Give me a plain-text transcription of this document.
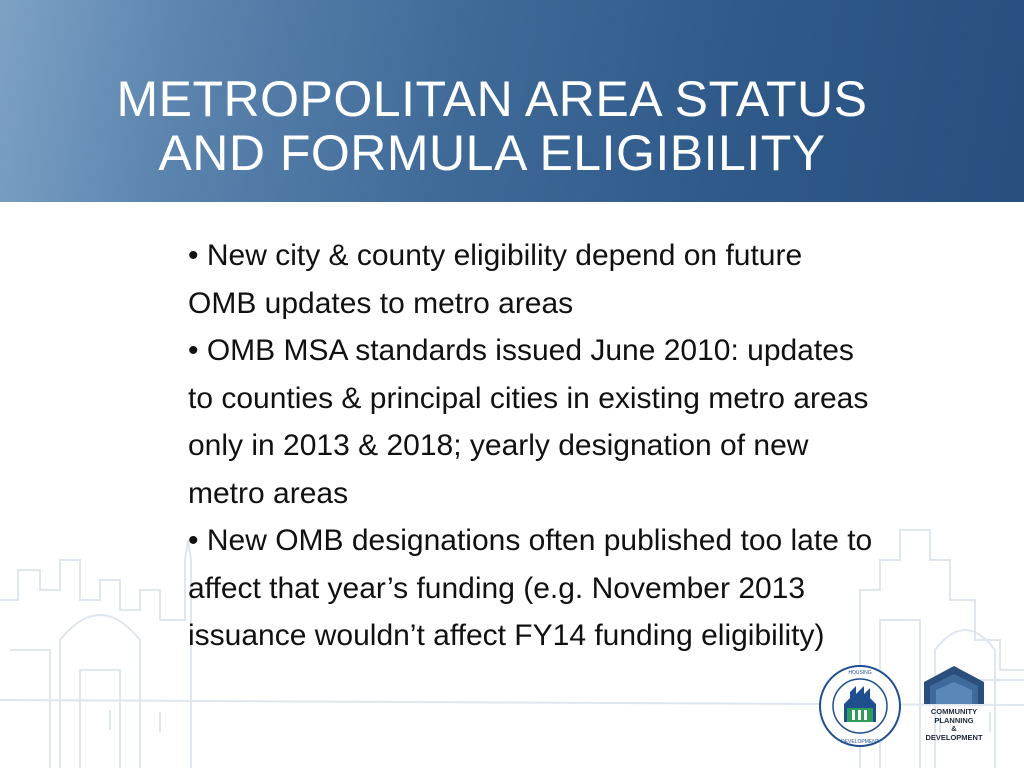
METROPOLITAN AREA STATUS
AND FORMULA ELIGIBILITY

• New city & county eligibility depend on future OMB updates to metro areas

• OMB MSA standards issued June 2010: updates to counties & principal cities in existing metro areas only in 2013 & 2018; yearly designation of new metro areas

• New OMB designations often published too late to affect that year’s funding (e.g. November 2013 issuance wouldn’t affect FY14 funding eligibility)

HOUSING
DEVELOPMENT
COMMUNITY
PLANNING
&
DEVELOPMENT
